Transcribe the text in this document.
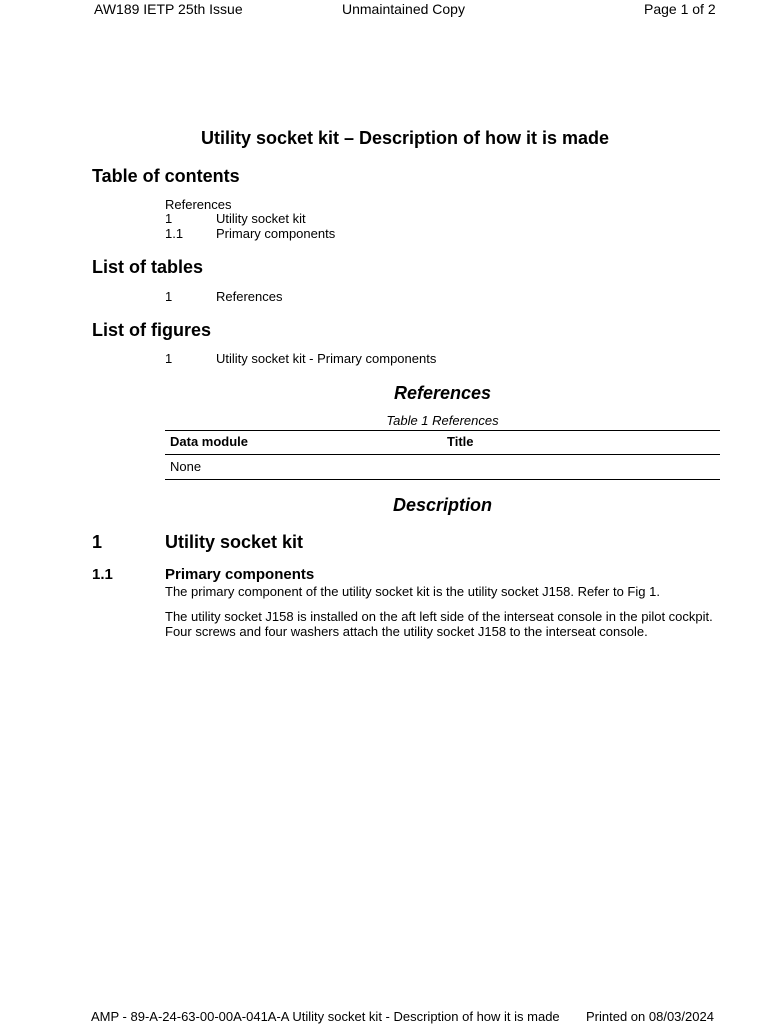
AW189 IETP 25th Issue	Unmaintained Copy	Page 1 of 2
Utility socket kit – Description of how it is made
Table of contents
References
1	Utility socket kit
1.1	Primary components
List of tables
1	References
List of figures
1	Utility socket kit - Primary components
References
Table 1 References
Data module	Title
None
Description
1	Utility socket kit
1.1	Primary components
The primary component of the utility socket kit is the utility socket J158. Refer to Fig 1.
The utility socket J158 is installed on the aft left side of the interseat console in the pilot cockpit.
Four screws and four washers attach the utility socket J158 to the interseat console.
AMP - 89-A-24-63-00-00A-041A-A Utility socket kit - Description of how it is made Printed on 08/03/2024
